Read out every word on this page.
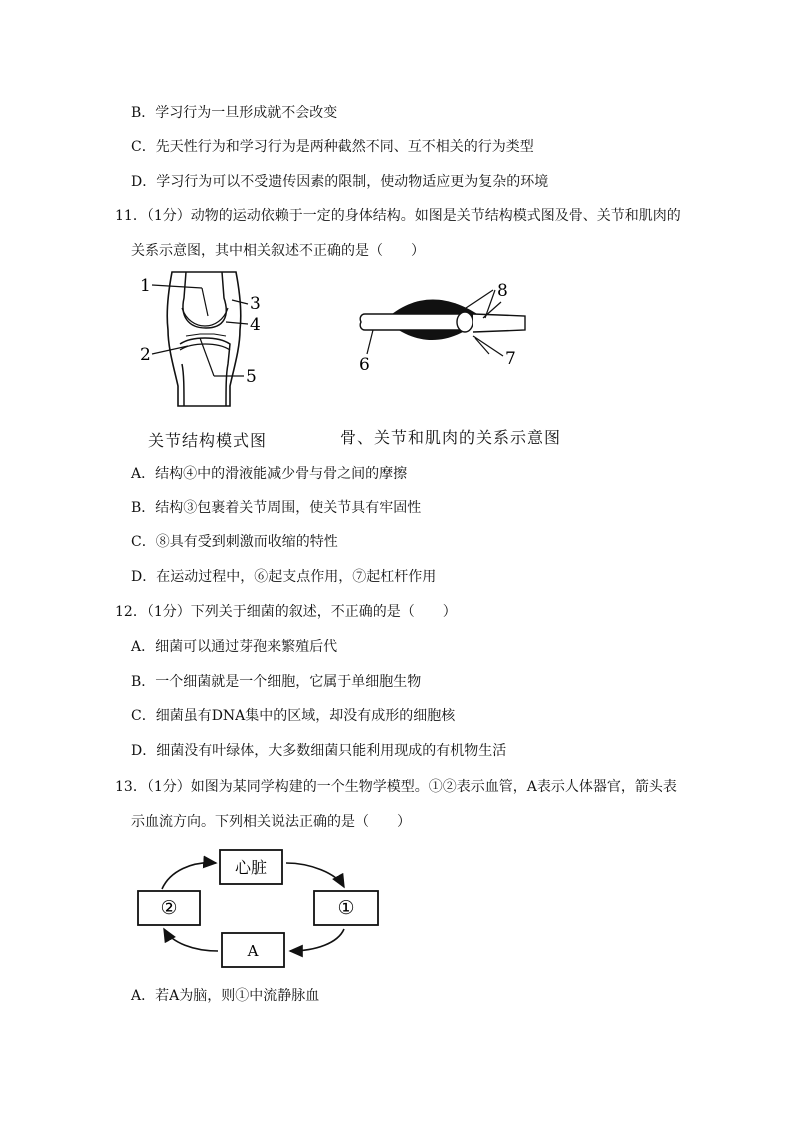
B．学习行为一旦形成就不会改变
C．先天性行为和学习行为是两种截然不同、互不相关的行为类型
D．学习行为可以不受遗传因素的限制，使动物适应更为复杂的环境
11．（1分）动物的运动依赖于一定的身体结构。如图是关节结构模式图及骨、关节和肌肉的
关系示意图，其中相关叙述不正确的是（　　）
1
2
3
4
5
关节结构模式图
8
6	7
骨、关节和肌肉的关系示意图
A．结构④中的滑液能减少骨与骨之间的摩擦
B．结构③包裹着关节周围，使关节具有牢固性
C．⑧具有受到刺激而收缩的特性
D．在运动过程中，⑥起支点作用，⑦起杠杆作用
12．（1分）下列关于细菌的叙述，不正确的是（　　）
A．细菌可以通过芽孢来繁殖后代
B．一个细菌就是一个细胞，它属于单细胞生物
C．细菌虽有DNA集中的区域，却没有成形的细胞核
D．细菌没有叶绿体，大多数细菌只能利用现成的有机物生活
13．（1分）如图为某同学构建的一个生物学模型。①②表示血管，A表示人体器官，箭头表
示血流方向。下列相关说法正确的是（　　）
心脏
②	①
A
A．若A为脑，则①中流静脉血
